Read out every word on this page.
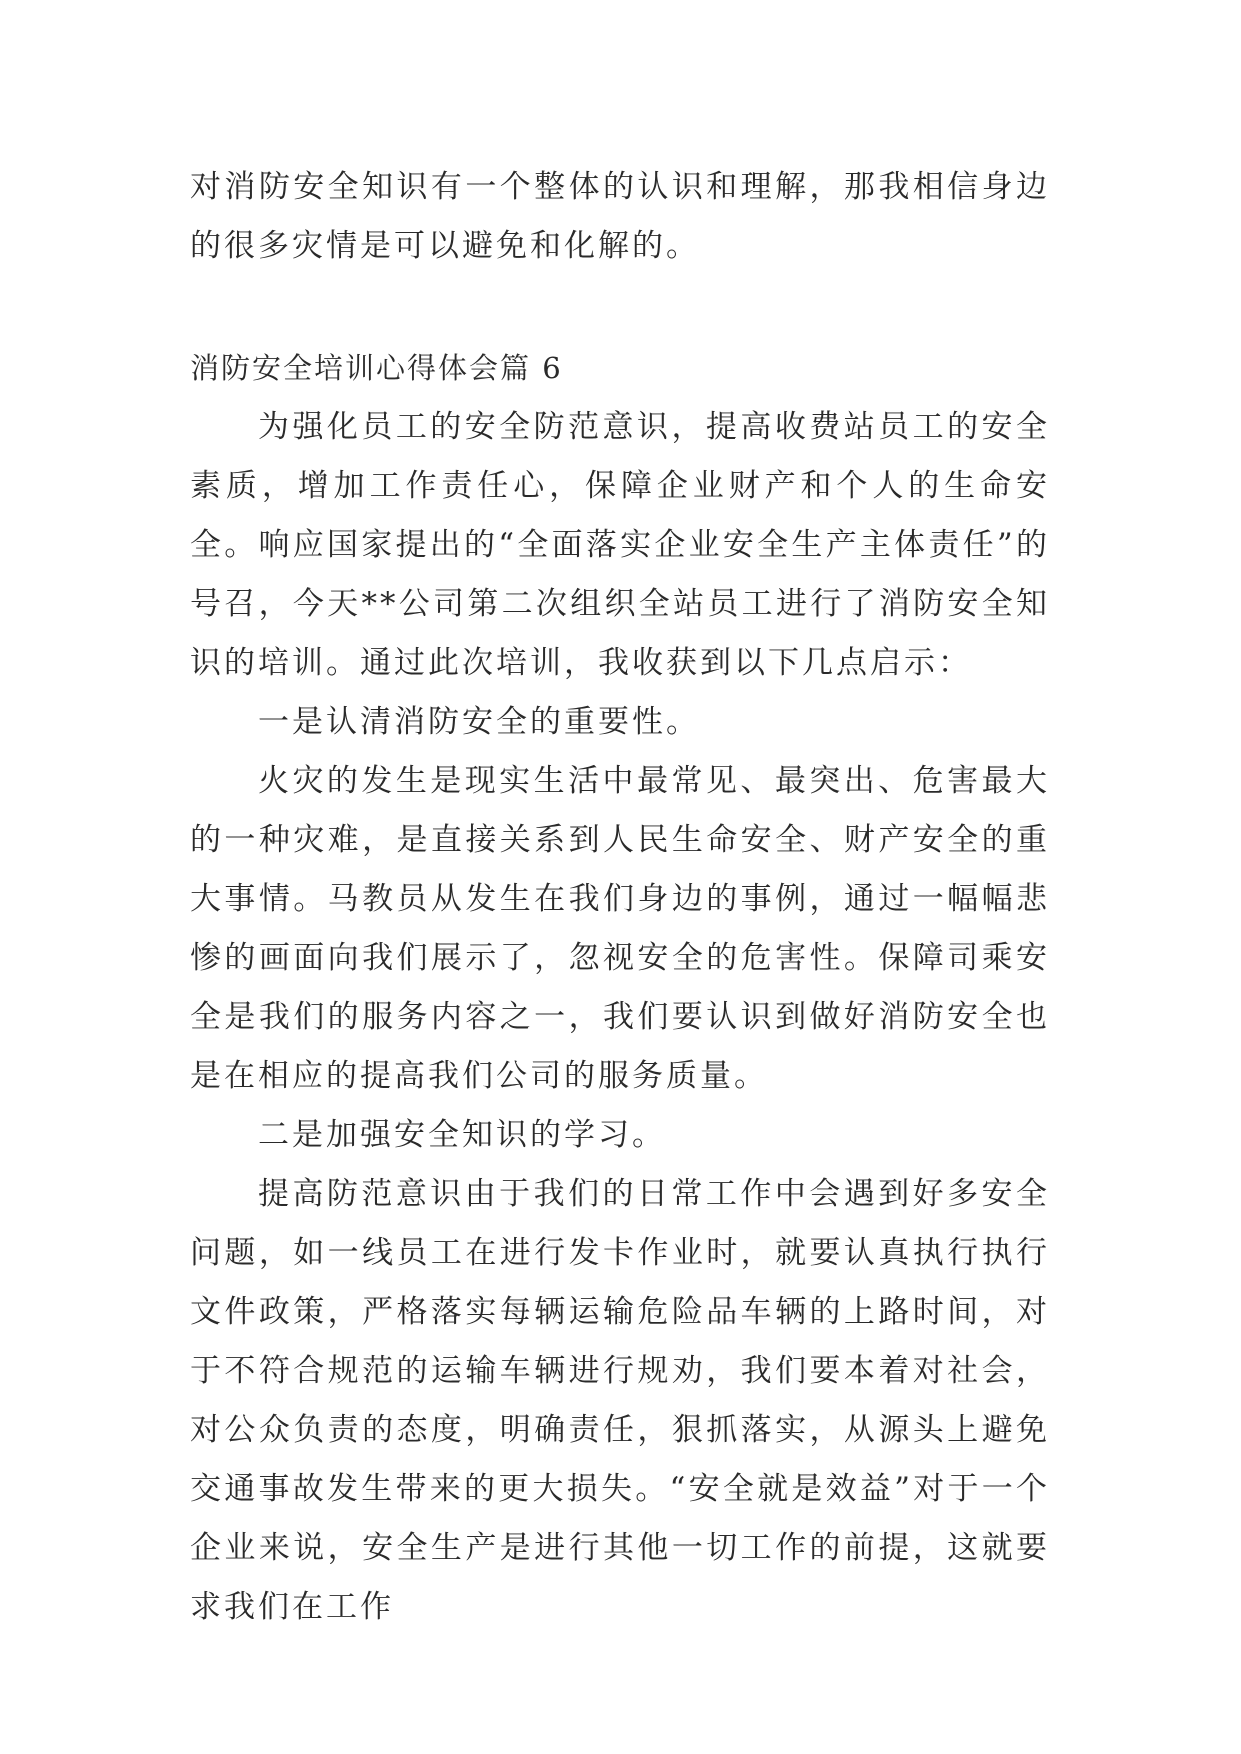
对消防安全知识有一个整体的认识和理解，那我相信身边的很多灾情是可以避免和化解的。

消防安全培训心得体会篇 6

为强化员工的安全防范意识，提高收费站员工的安全素质，增加工作责任心，保障企业财产和个人的生命安全。响应国家提出的“全面落实企业安全生产主体责任”的号召，今天**公司第二次组织全站员工进行了消防安全知识的培训。通过此次培训，我收获到以下几点启示：

一是认清消防安全的重要性。

火灾的发生是现实生活中最常见、最突出、危害最大的一种灾难，是直接关系到人民生命安全、财产安全的重大事情。马教员从发生在我们身边的事例，通过一幅幅悲惨的画面向我们展示了，忽视安全的危害性。保障司乘安全是我们的服务内容之一，我们要认识到做好消防安全也是在相应的提高我们公司的服务质量。

二是加强安全知识的学习。

提高防范意识由于我们的日常工作中会遇到好多安全问题，如一线员工在进行发卡作业时，就要认真执行执行文件政策，严格落实每辆运输危险品车辆的上路时间，对于不符合规范的运输车辆进行规劝，我们要本着对社会，对公众负责的态度，明确责任，狠抓落实，从源头上避免交通事故发生带来的更大损失。“安全就是效益”对于一个企业来说，安全生产是进行其他一切工作的前提，这就要求我们在工作
